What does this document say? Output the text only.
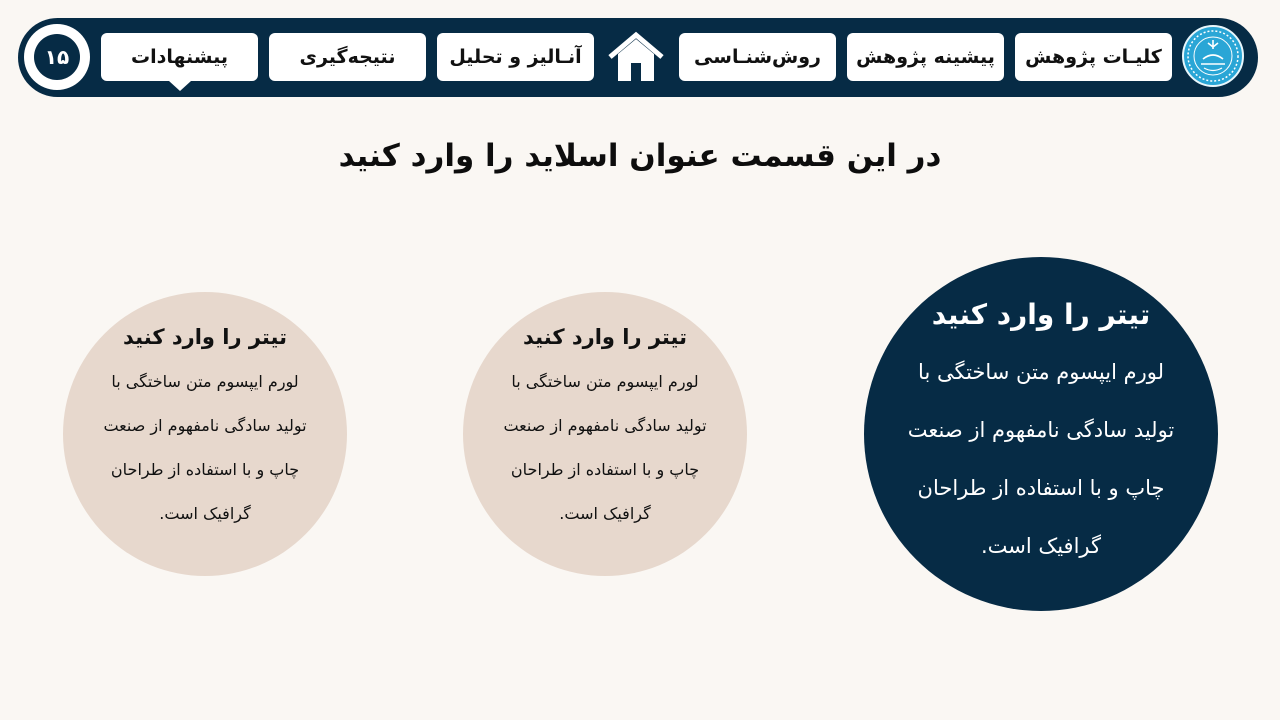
۱۵	کلیـات پژوهش
پیشینه پژوهش
روش‌شنـاسی
آنـالیز و تحلیل
نتیجه‌گیری
پیشنهادات
در این قسمت عنوان اسلاید را وارد کنید
تیتر را وارد کنید
لورم ایپسوم متن ساختگی با
تولید سادگی نامفهوم از صنعت
چاپ و با استفاده از طراحان
گرافیک است.
تیتر را وارد کنید
لورم ایپسوم متن ساختگی با
تولید سادگی نامفهوم از صنعت
چاپ و با استفاده از طراحان
گرافیک است.
تیتر را وارد کنید
لورم ایپسوم متن ساختگی با
تولید سادگی نامفهوم از صنعت
چاپ و با استفاده از طراحان
گرافیک است.
